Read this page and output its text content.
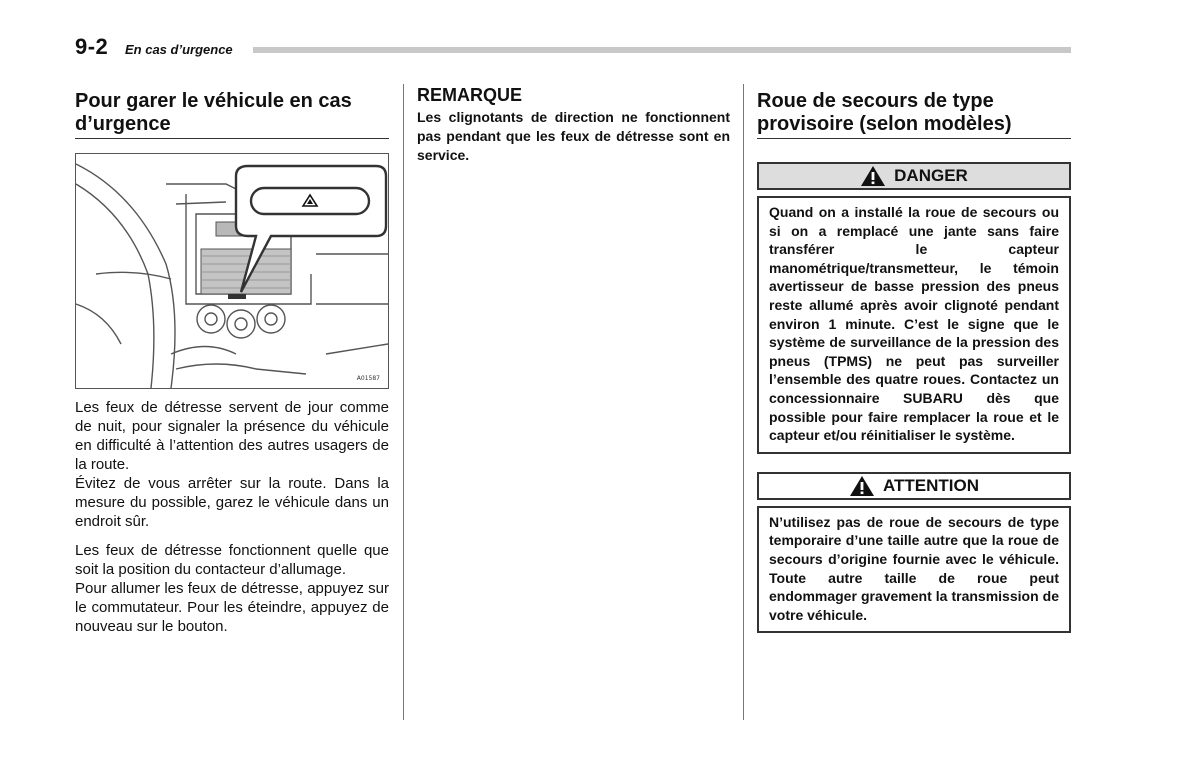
9-2 En cas d’urgence
Pour garer le véhicule en cas d’urgence
A01587

Les feux de détresse servent de jour comme de nuit, pour signaler la présence du véhicule en difficulté à l’attention des autres usagers de la route.

Évitez de vous arrêter sur la route. Dans la mesure du possible, garez le véhicule dans un endroit sûr.

Les feux de détresse fonctionnent quelle que soit la position du contacteur d’allumage.

Pour allumer les feux de détresse, appuyez sur le commutateur. Pour les éteindre, appuyez de nouveau sur le bouton.

REMARQUE

Les clignotants de direction ne fonctionnent pas pendant que les feux de détresse sont en service.

Roue de secours de type provisoire (selon modèles)
DANGER
Quand on a installé la roue de secours ou si on a remplacé une jante sans faire transférer le capteur manométrique/transmetteur, le témoin avertisseur de basse pression des pneus reste allumé après avoir clignoté pendant environ 1 minute. C’est le signe que le système de surveillance de la pression des pneus (TPMS) ne peut pas surveiller l’ensemble des quatre roues. Contactez un concessionnaire SUBARU dès que possible pour faire remplacer la roue et le capteur et/ou réinitialiser le système.
ATTENTION
N’utilisez pas de roue de secours de type temporaire d’une taille autre que la roue de secours d’origine fournie avec le véhicule. Toute autre taille de roue peut endommager gravement la transmission de votre véhicule.
